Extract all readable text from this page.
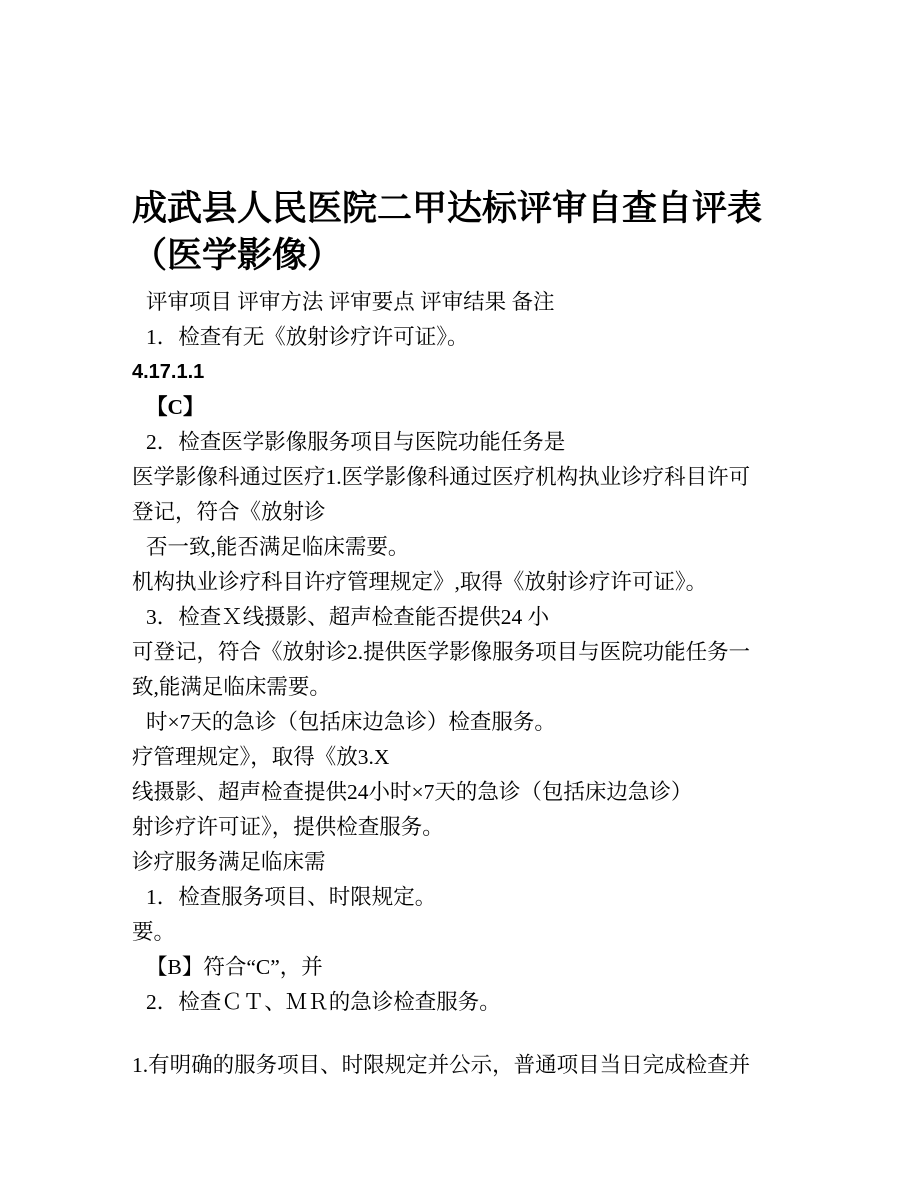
成武县人民医院二甲达标评审自查自评表
（医学影像）
评审项目 评审方法 评审要点 评审结果 备注
1．检查有无《放射诊疗许可证》。
4.17.1.1
【C】
2．检查医学影像服务项目与医院功能任务是
医学影像科通过医疗1.医学影像科通过医疗机构执业诊疗科目许可
登记，符合《放射诊
否一致,能否满足临床需要。
机构执业诊疗科目许疗管理规定》,取得《放射诊疗许可证》。
3．检查Ｘ线摄影、超声检查能否提供24 小
可登记，符合《放射诊2.提供医学影像服务项目与医院功能任务一
致,能满足临床需要。
时×7天的急诊（包括床边急诊）检查服务。
疗管理规定》，取得《放3.X
线摄影、超声检查提供24小时×7天的急诊（包括床边急诊）
射诊疗许可证》，提供检查服务。
诊疗服务满足临床需
1．检查服务项目、时限规定。
要。
【B】符合“C”，并
2．检查ＣＴ、ＭＲ的急诊检查服务。
1.有明确的服务项目、时限规定并公示，普通项目当日完成检查并
